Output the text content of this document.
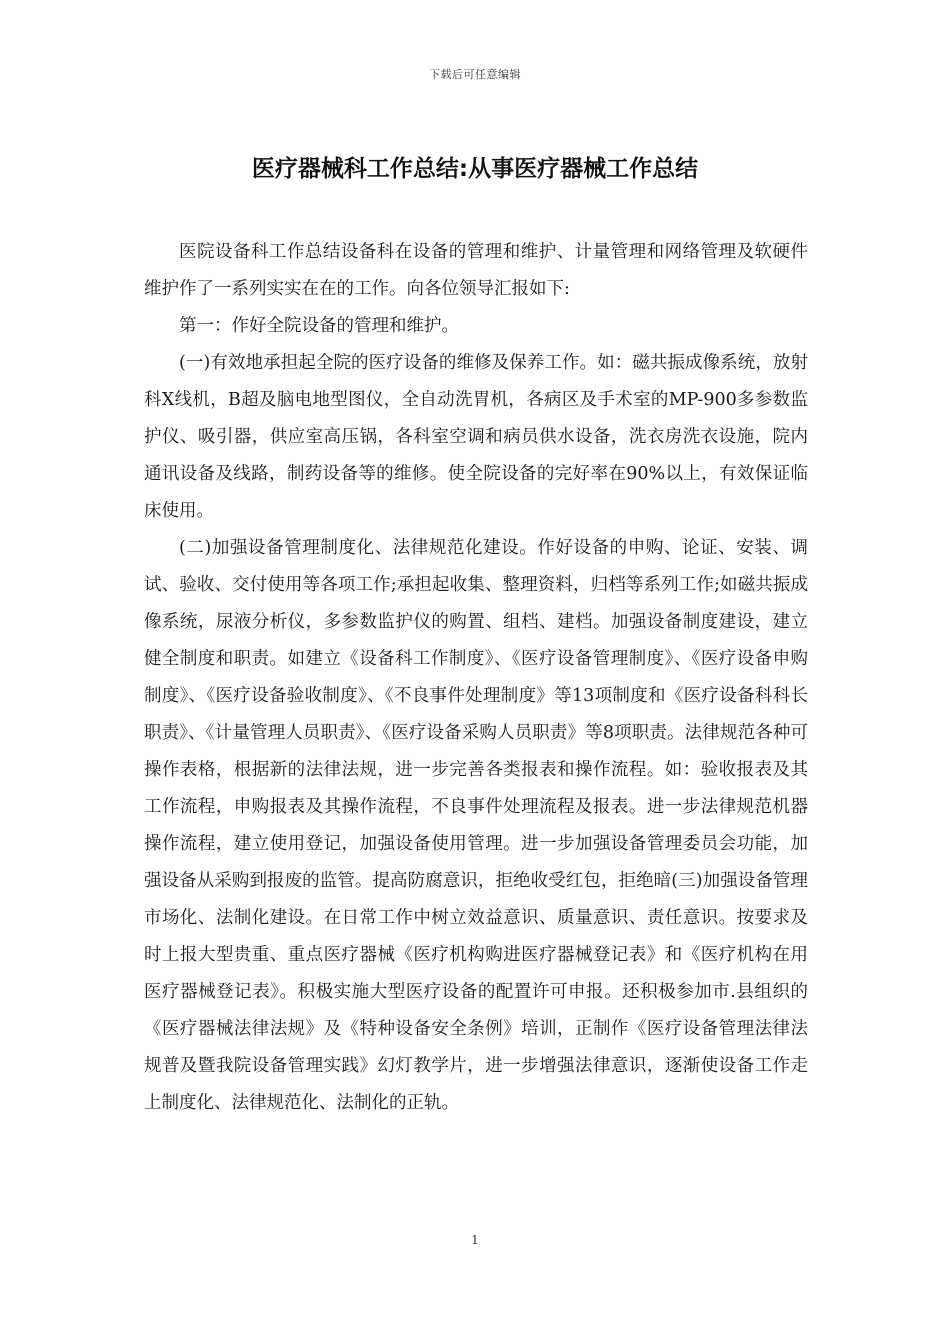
下载后可任意编辑
医疗器械科工作总结:从事医疗器械工作总结

医院设备科工作总结设备科在设备的管理和维护、计量管理和网络管理及软硬件维护作了一系列实实在在的工作。向各位领导汇报如下:

第一：作好全院设备的管理和维护。

(一)有效地承担起全院的医疗设备的维修及保养工作。如：磁共振成像系统，放射科X线机，B超及脑电地型图仪，全自动洗胃机，各病区及手术室的MP-900多参数监护仪、吸引器，供应室高压锅，各科室空调和病员供水设备，洗衣房洗衣设施，院内通讯设备及线路，制药设备等的维修。使全院设备的完好率在90%以上，有效保证临床使用。

(二)加强设备管理制度化、法律规范化建设。作好设备的申购、论证、安装、调试、验收、交付使用等各项工作;承担起收集、整理资料，归档等系列工作;如磁共振成像系统，尿液分析仪，多参数监护仪的购置、组档、建档。加强设备制度建设，建立健全制度和职责。如建立《设备科工作制度》、《医疗设备管理制度》、《医疗设备申购制度》、《医疗设备验收制度》、《不良事件处理制度》等13项制度和《医疗设备科科长职责》、《计量管理人员职责》、《医疗设备采购人员职责》等8项职责。法律规范各种可操作表格，根据新的法律法规，进一步完善各类报表和操作流程。如：验收报表及其工作流程，申购报表及其操作流程，不良事件处理流程及报表。进一步法律规范机器操作流程，建立使用登记，加强设备使用管理。进一步加强设备管理委员会功能，加强设备从采购到报废的监管。提高防腐意识，拒绝收受红包，拒绝暗(三)加强设备管理市场化、法制化建设。在日常工作中树立效益意识、质量意识、责任意识。按要求及时上报大型贵重、重点医疗器械《医疗机构购进医疗器械登记表》和《医疗机构在用医疗器械登记表》。积极实施大型医疗设备的配置许可申报。还积极参加市.县组织的《医疗器械法律法规》及《特种设备安全条例》培训，正制作《医疗设备管理法律法规普及暨我院设备管理实践》幻灯教学片，进一步增强法律意识，逐渐使设备工作走上制度化、法律规范化、法制化的正轨。

1
